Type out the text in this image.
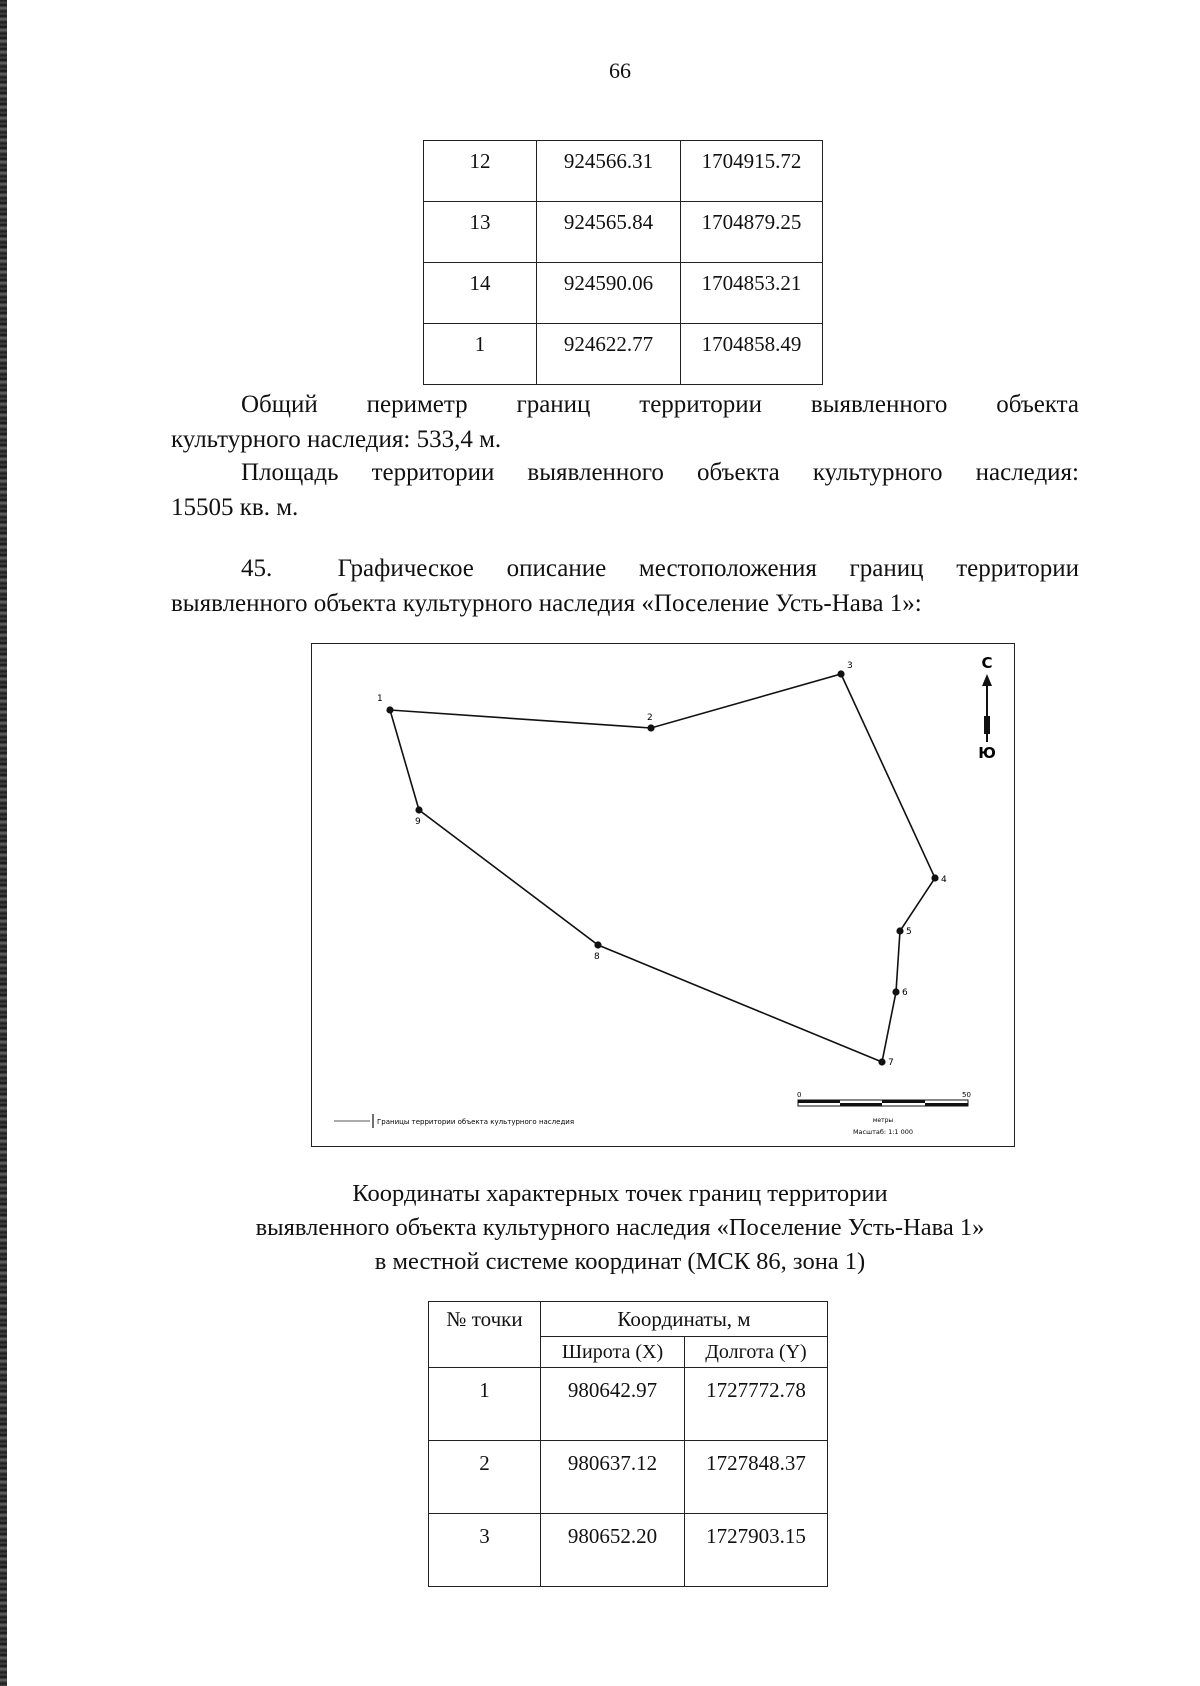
66
12	924566.31	1704915.72
13	924565.84	1704879.25
14	924590.06	1704853.21
1	924622.77	1704858.49
Общий периметр границ территории выявленного объекта
культурного наследия: 533,4 м.
Площадь территории выявленного объекта культурного наследия:
15505 кв. м.
45.	Графическое описание местоположения границ территории
выявленного объекта культурного наследия «Поселение Усть-Нава 1»:
1
2
3
4
5
6
7
8
9
С
Ю
Границы территории объекта культурного наследия
0	50
метры
Масштаб: 1:1 000
Координаты характерных точек границ территории
выявленного объекта культурного наследия «Поселение Усть-Нава 1»
в местной системе координат (МСК 86, зона 1)
№ точки	Координаты, м	
	Широта (X)	Долгота (Y)
1	980642.97	1727772.78
2	980637.12	1727848.37
3	980652.20	1727903.15
